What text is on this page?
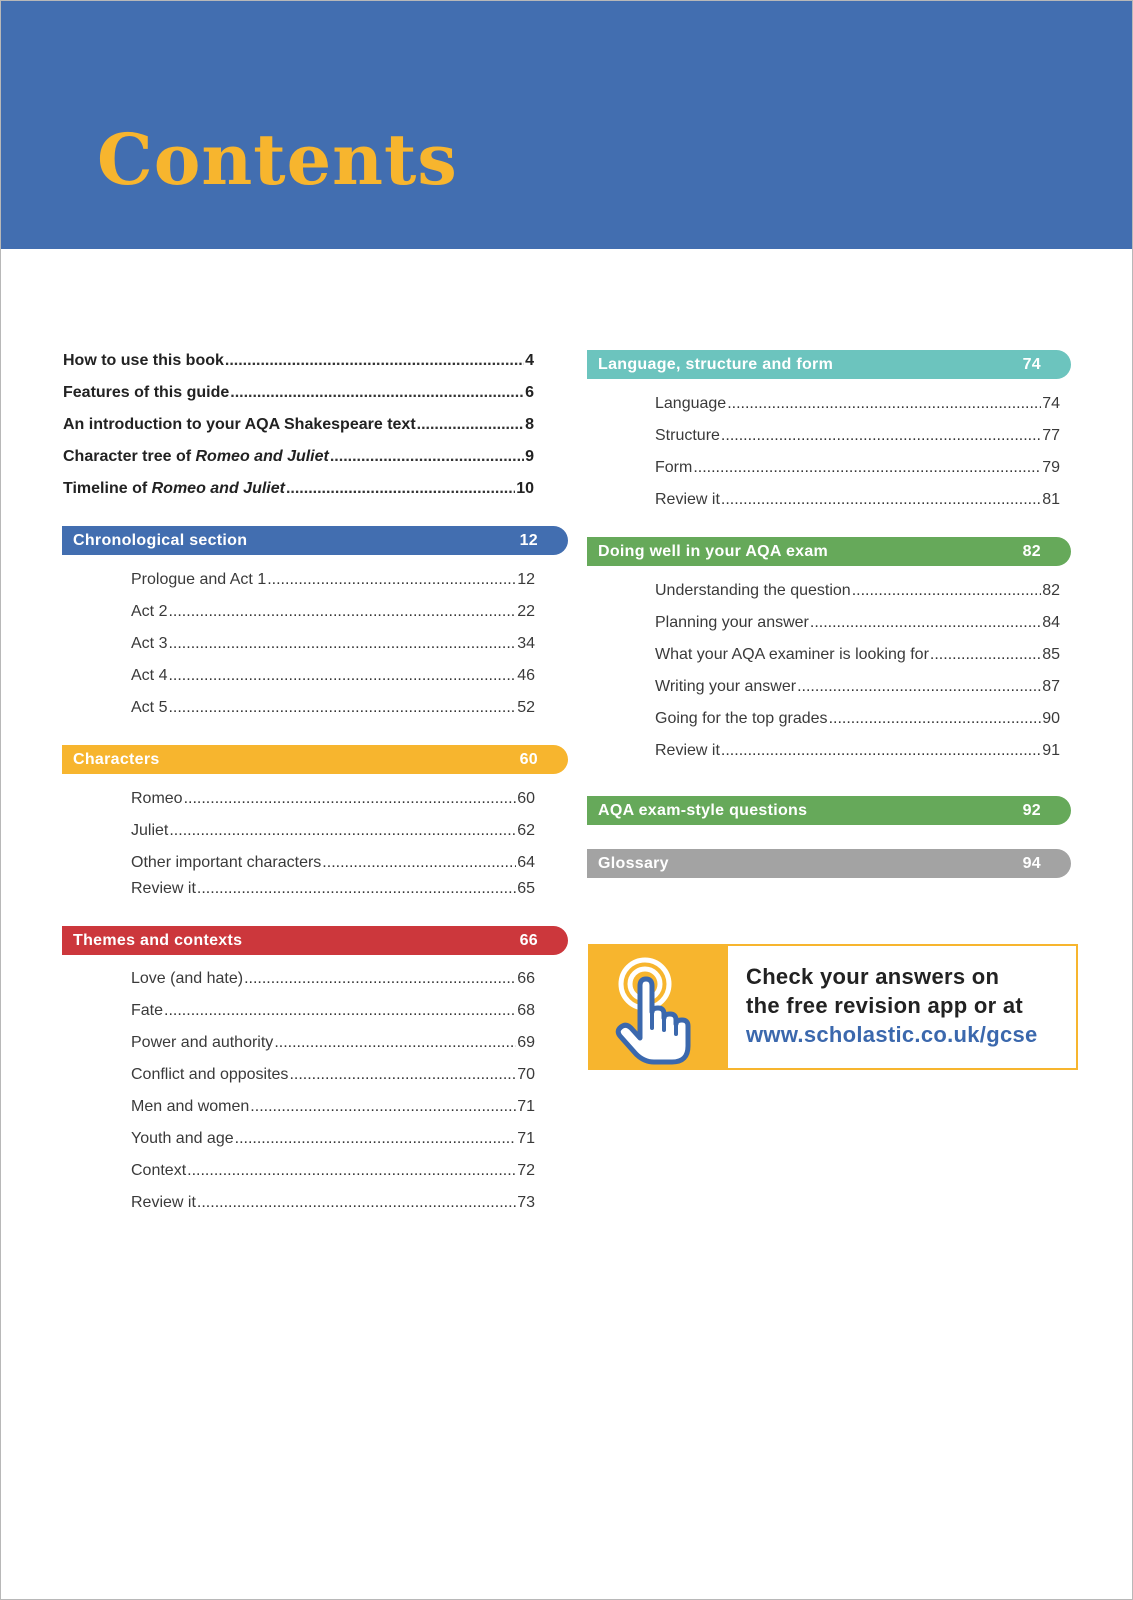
Contents
How to use this book .....	4
Features of this guide .....	6
An introduction to your AQA Shakespeare text .....	8
Character tree of Romeo and Juliet .....	9
Timeline of Romeo and Juliet .....	10
Chronological section	12
Prologue and Act 1 .....	12
Act 2 .....	22
Act 3 .....	34
Act 4 .....	46
Act 5 .....	52
Characters	60
Romeo .....	60
Juliet .....	62
Other important characters .....	64
Review it .....	65
Themes and contexts	66
Love (and hate) .....	66
Fate .....	68
Power and authority .....	69
Conflict and opposites .....	70
Men and women .....	71
Youth and age .....	71
Context .....	72
Review it .....	73
Language, structure and form	74
Language .....	74
Structure .....	77
Form .....	79
Review it .....	81
Doing well in your AQA exam	82
Understanding the question .....	82
Planning your answer .....	84
What your AQA examiner is looking for .....	85
Writing your answer .....	87
Going for the top grades .....	90
Review it .....	91
AQA exam-style questions	92
Glossary	94
Check your answers on
the free revision app or at
www.scholastic.co.uk/gcse
